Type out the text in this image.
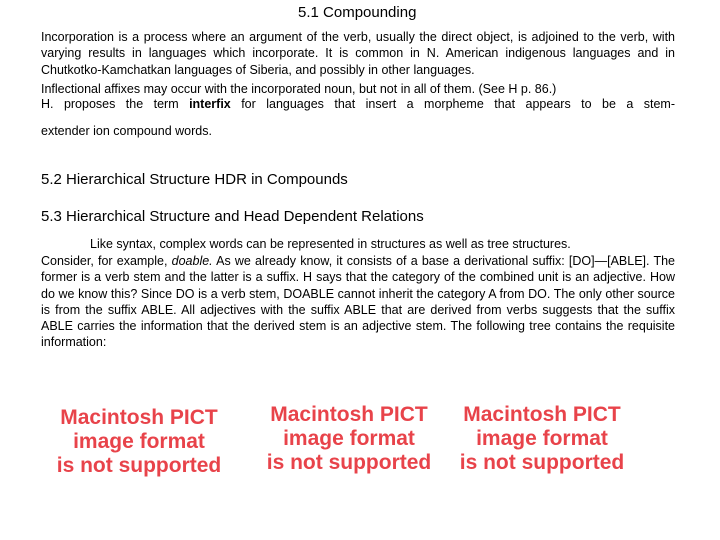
5.1 Compounding
Incorporation is a process where an argument of the verb, usually the direct object, is adjoined to the verb, with varying results in languages which incorporate. It is common in N. American indigenous languages and in Chutkotko-Kamchatkan languages of Siberia, and possibly in other languages.
Inflectional affixes may occur with the incorporated noun, but not in all of them. (See H p. 86.)
H. proposes the term interfix for languages that insert a morpheme that appears to be a stem-
extender ion compound words.
5.2 Hierarchical Structure HDR in Compounds
5.3 Hierarchical Structure and Head Dependent Relations
Like syntax, complex words can be represented in structures as well as tree structures.
Consider, for example, doable. As we already know, it consists of a base a derivational suffix: [DO]—[ABLE]. The former is a verb stem and the latter is a suffix. H says that the category of the combined unit is an adjective. How do we know this? Since DO is a verb stem, DOABLE cannot inherit the category A from DO. The only other source is from the suffix ABLE. All adjectives with the suffix ABLE that are derived from verbs suggests that the suffix ABLE carries the information that the derived stem is an adjective stem. The following tree contains the requisite information:
Macintosh PICT
image format
is not supported
Macintosh PICT
image format
is not supported
Macintosh PICT
image format
is not supported
